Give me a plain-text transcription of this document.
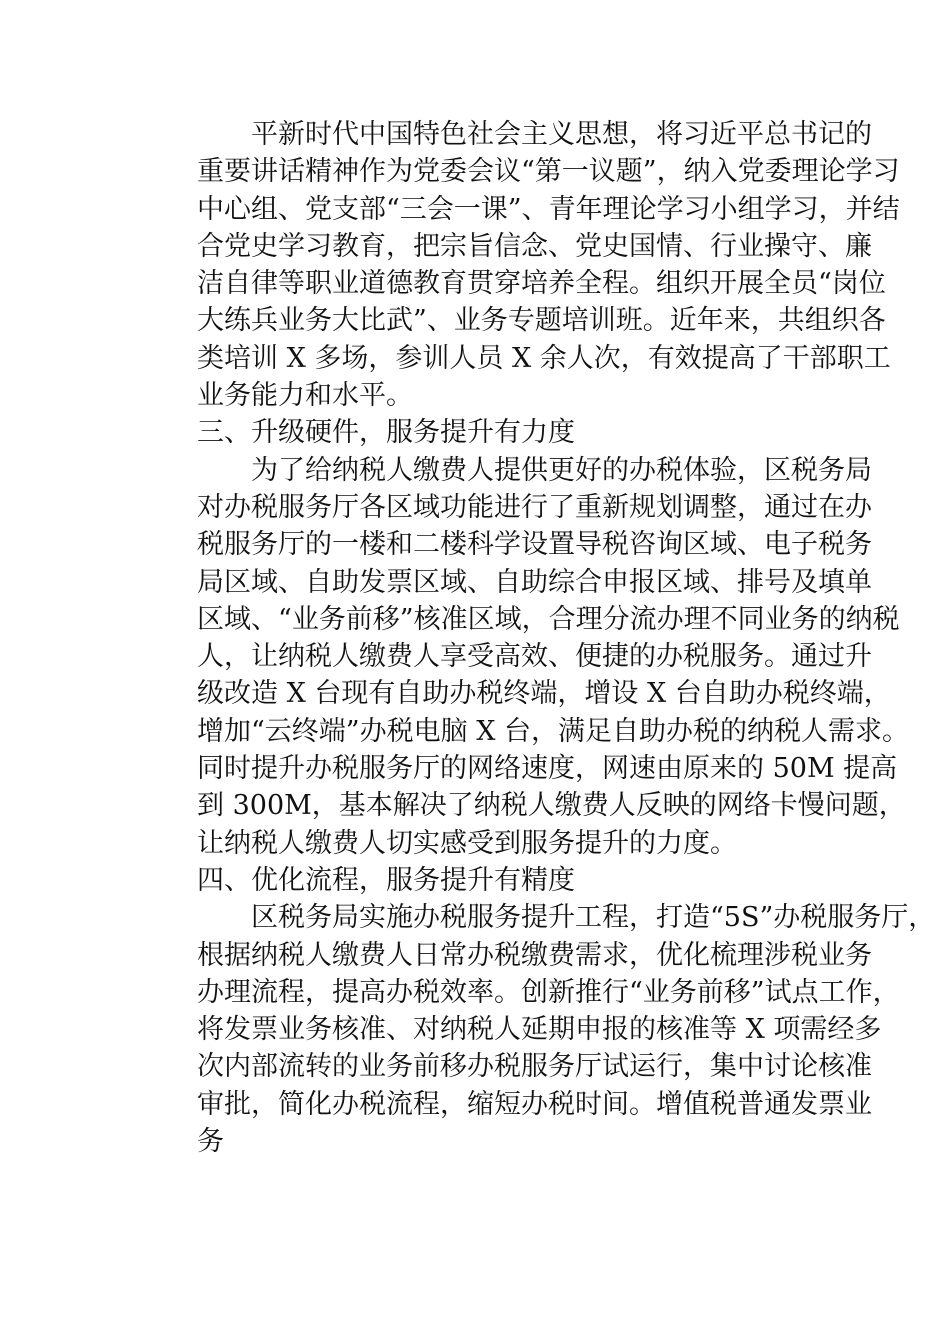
平新时代中国特色社会主义思想，将习近平总书记的
重要讲话精神作为党委会议“第一议题”，纳入党委理论学习
中心组、党支部“三会一课”、青年理论学习小组学习，并结
合党史学习教育，把宗旨信念、党史国情、行业操守、廉
洁自律等职业道德教育贯穿培养全程。组织开展全员“岗位
大练兵业务大比武”、业务专题培训班。近年来，共组织各
类培训 X 多场，参训人员 X 余人次，有效提高了干部职工
业务能力和水平。
三、升级硬件，服务提升有力度
为了给纳税人缴费人提供更好的办税体验，区税务局
对办税服务厅各区域功能进行了重新规划调整，通过在办
税服务厅的一楼和二楼科学设置导税咨询区域、电子税务
局区域、自助发票区域、自助综合申报区域、排号及填单
区域、“业务前移”核准区域，合理分流办理不同业务的纳税
人，让纳税人缴费人享受高效、便捷的办税服务。通过升
级改造 X 台现有自助办税终端，增设 X 台自助办税终端，
增加“云终端”办税电脑 X 台，满足自助办税的纳税人需求。
同时提升办税服务厅的网络速度，网速由原来的 50M 提高
到 300M，基本解决了纳税人缴费人反映的网络卡慢问题，
让纳税人缴费人切实感受到服务提升的力度。
四、优化流程，服务提升有精度
区税务局实施办税服务提升工程，打造“5S”办税服务厅，
根据纳税人缴费人日常办税缴费需求，优化梳理涉税业务
办理流程，提高办税效率。创新推行“业务前移”试点工作，
将发票业务核准、对纳税人延期申报的核准等 X 项需经多
次内部流转的业务前移办税服务厅试运行，集中讨论核准
审批，简化办税流程，缩短办税时间。增值税普通发票业
务
